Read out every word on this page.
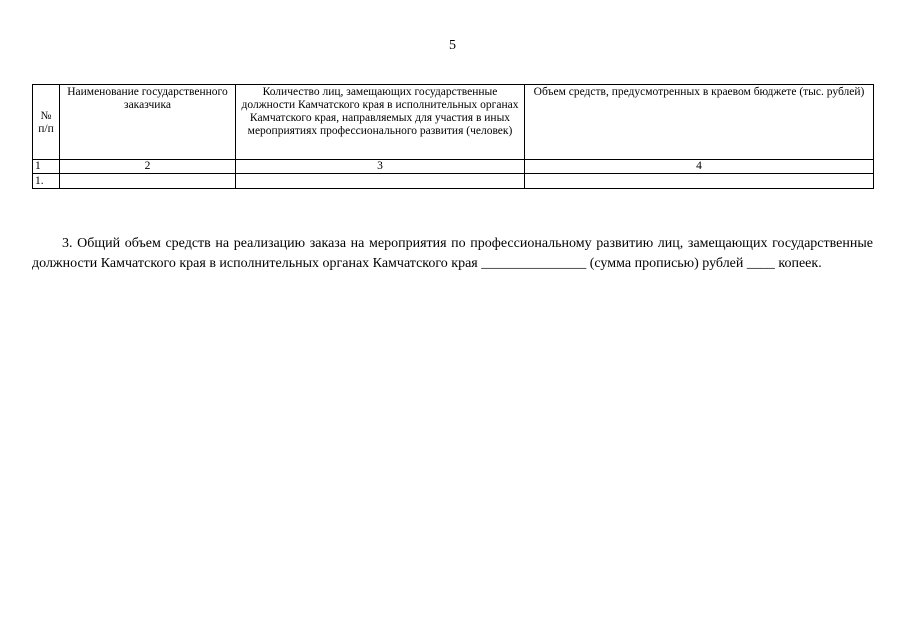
5
№ п/п	Наименование государственного заказчика	Количество лиц, замещающих государственные должности Камчатского края в исполнительных органах Камчатского края, направляемых для участия в иных мероприятиях профессионального развития (человек)	Объем средств, предусмотренных в краевом бюджете (тыс. рублей)
1	2	3	4
1.			

3. Общий объем средств на реализацию заказа на мероприятия по профессиональному развитию лиц, замещающих государственные должности Камчатского края в исполнительных органах Камчатского края _______________ (сумма прописью) рублей ____ копеек.
